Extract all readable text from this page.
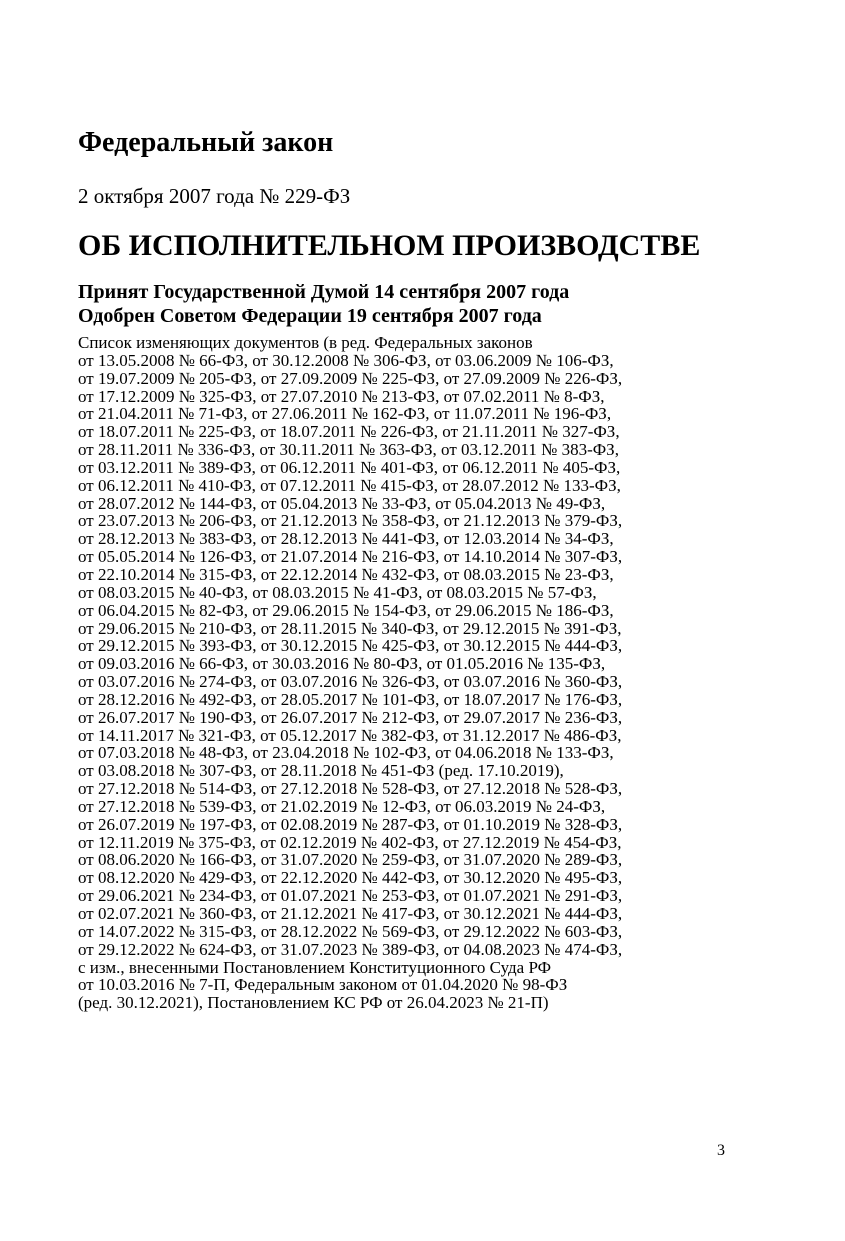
Федеральный закон
2 октября 2007 года № 229-ФЗ
ОБ ИСПОЛНИТЕЛЬНОМ ПРОИЗВОДСТВЕ
Принят Государственной Думой 14 сентября 2007 года
Одобрен Советом Федерации 19 сентября 2007 года
Список изменяющих документов (в ред. Федеральных законов
от 13.05.2008 № 66-ФЗ, от 30.12.2008 № 306-ФЗ, от 03.06.2009 № 106-ФЗ,
от 19.07.2009 № 205-ФЗ, от 27.09.2009 № 225-ФЗ, от 27.09.2009 № 226-ФЗ,
от 17.12.2009 № 325-ФЗ, от 27.07.2010 № 213-ФЗ, от 07.02.2011 № 8-ФЗ,
от 21.04.2011 № 71-ФЗ, от 27.06.2011 № 162-ФЗ, от 11.07.2011 № 196-ФЗ,
от 18.07.2011 № 225-ФЗ, от 18.07.2011 № 226-ФЗ, от 21.11.2011 № 327-ФЗ,
от 28.11.2011 № 336-ФЗ, от 30.11.2011 № 363-ФЗ, от 03.12.2011 № 383-ФЗ,
от 03.12.2011 № 389-ФЗ, от 06.12.2011 № 401-ФЗ, от 06.12.2011 № 405-ФЗ,
от 06.12.2011 № 410-ФЗ, от 07.12.2011 № 415-ФЗ, от 28.07.2012 № 133-ФЗ,
от 28.07.2012 № 144-ФЗ, от 05.04.2013 № 33-ФЗ, от 05.04.2013 № 49-ФЗ,
от 23.07.2013 № 206-ФЗ, от 21.12.2013 № 358-ФЗ, от 21.12.2013 № 379-ФЗ,
от 28.12.2013 № 383-ФЗ, от 28.12.2013 № 441-ФЗ, от 12.03.2014 № 34-ФЗ,
от 05.05.2014 № 126-ФЗ, от 21.07.2014 № 216-ФЗ, от 14.10.2014 № 307-ФЗ,
от 22.10.2014 № 315-ФЗ, от 22.12.2014 № 432-ФЗ, от 08.03.2015 № 23-ФЗ,
от 08.03.2015 № 40-ФЗ, от 08.03.2015 № 41-ФЗ, от 08.03.2015 № 57-ФЗ,
от 06.04.2015 № 82-ФЗ, от 29.06.2015 № 154-ФЗ, от 29.06.2015 № 186-ФЗ,
от 29.06.2015 № 210-ФЗ, от 28.11.2015 № 340-ФЗ, от 29.12.2015 № 391-ФЗ,
от 29.12.2015 № 393-ФЗ, от 30.12.2015 № 425-ФЗ, от 30.12.2015 № 444-ФЗ,
от 09.03.2016 № 66-ФЗ, от 30.03.2016 № 80-ФЗ, от 01.05.2016 № 135-ФЗ,
от 03.07.2016 № 274-ФЗ, от 03.07.2016 № 326-ФЗ, от 03.07.2016 № 360-ФЗ,
от 28.12.2016 № 492-ФЗ, от 28.05.2017 № 101-ФЗ, от 18.07.2017 № 176-ФЗ,
от 26.07.2017 № 190-ФЗ, от 26.07.2017 № 212-ФЗ, от 29.07.2017 № 236-ФЗ,
от 14.11.2017 № 321-ФЗ, от 05.12.2017 № 382-ФЗ, от 31.12.2017 № 486-ФЗ,
от 07.03.2018 № 48-ФЗ, от 23.04.2018 № 102-ФЗ, от 04.06.2018 № 133-ФЗ,
от 03.08.2018 № 307-ФЗ, от 28.11.2018 № 451-ФЗ (ред. 17.10.2019),
от 27.12.2018 № 514-ФЗ, от 27.12.2018 № 528-ФЗ, от 27.12.2018 № 528-ФЗ,
от 27.12.2018 № 539-ФЗ, от 21.02.2019 № 12-ФЗ, от 06.03.2019 № 24-ФЗ,
от 26.07.2019 № 197-ФЗ, от 02.08.2019 № 287-ФЗ, от 01.10.2019 № 328-ФЗ,
от 12.11.2019 № 375-ФЗ, от 02.12.2019 № 402-ФЗ, от 27.12.2019 № 454-ФЗ,
от 08.06.2020 № 166-ФЗ, от 31.07.2020 № 259-ФЗ, от 31.07.2020 № 289-ФЗ,
от 08.12.2020 № 429-ФЗ, от 22.12.2020 № 442-ФЗ, от 30.12.2020 № 495-ФЗ,
от 29.06.2021 № 234-ФЗ, от 01.07.2021 № 253-ФЗ, от 01.07.2021 № 291-ФЗ,
от 02.07.2021 № 360-ФЗ, от 21.12.2021 № 417-ФЗ, от 30.12.2021 № 444-ФЗ,
от 14.07.2022 № 315-ФЗ, от 28.12.2022 № 569-ФЗ, от 29.12.2022 № 603-ФЗ,
от 29.12.2022 № 624-ФЗ, от 31.07.2023 № 389-ФЗ, от 04.08.2023 № 474-ФЗ,
с изм., внесенными Постановлением Конституционного Суда РФ
от 10.03.2016 № 7-П, Федеральным законом от 01.04.2020 № 98-ФЗ
(ред. 30.12.2021), Постановлением КС РФ от 26.04.2023 № 21-П)
3
